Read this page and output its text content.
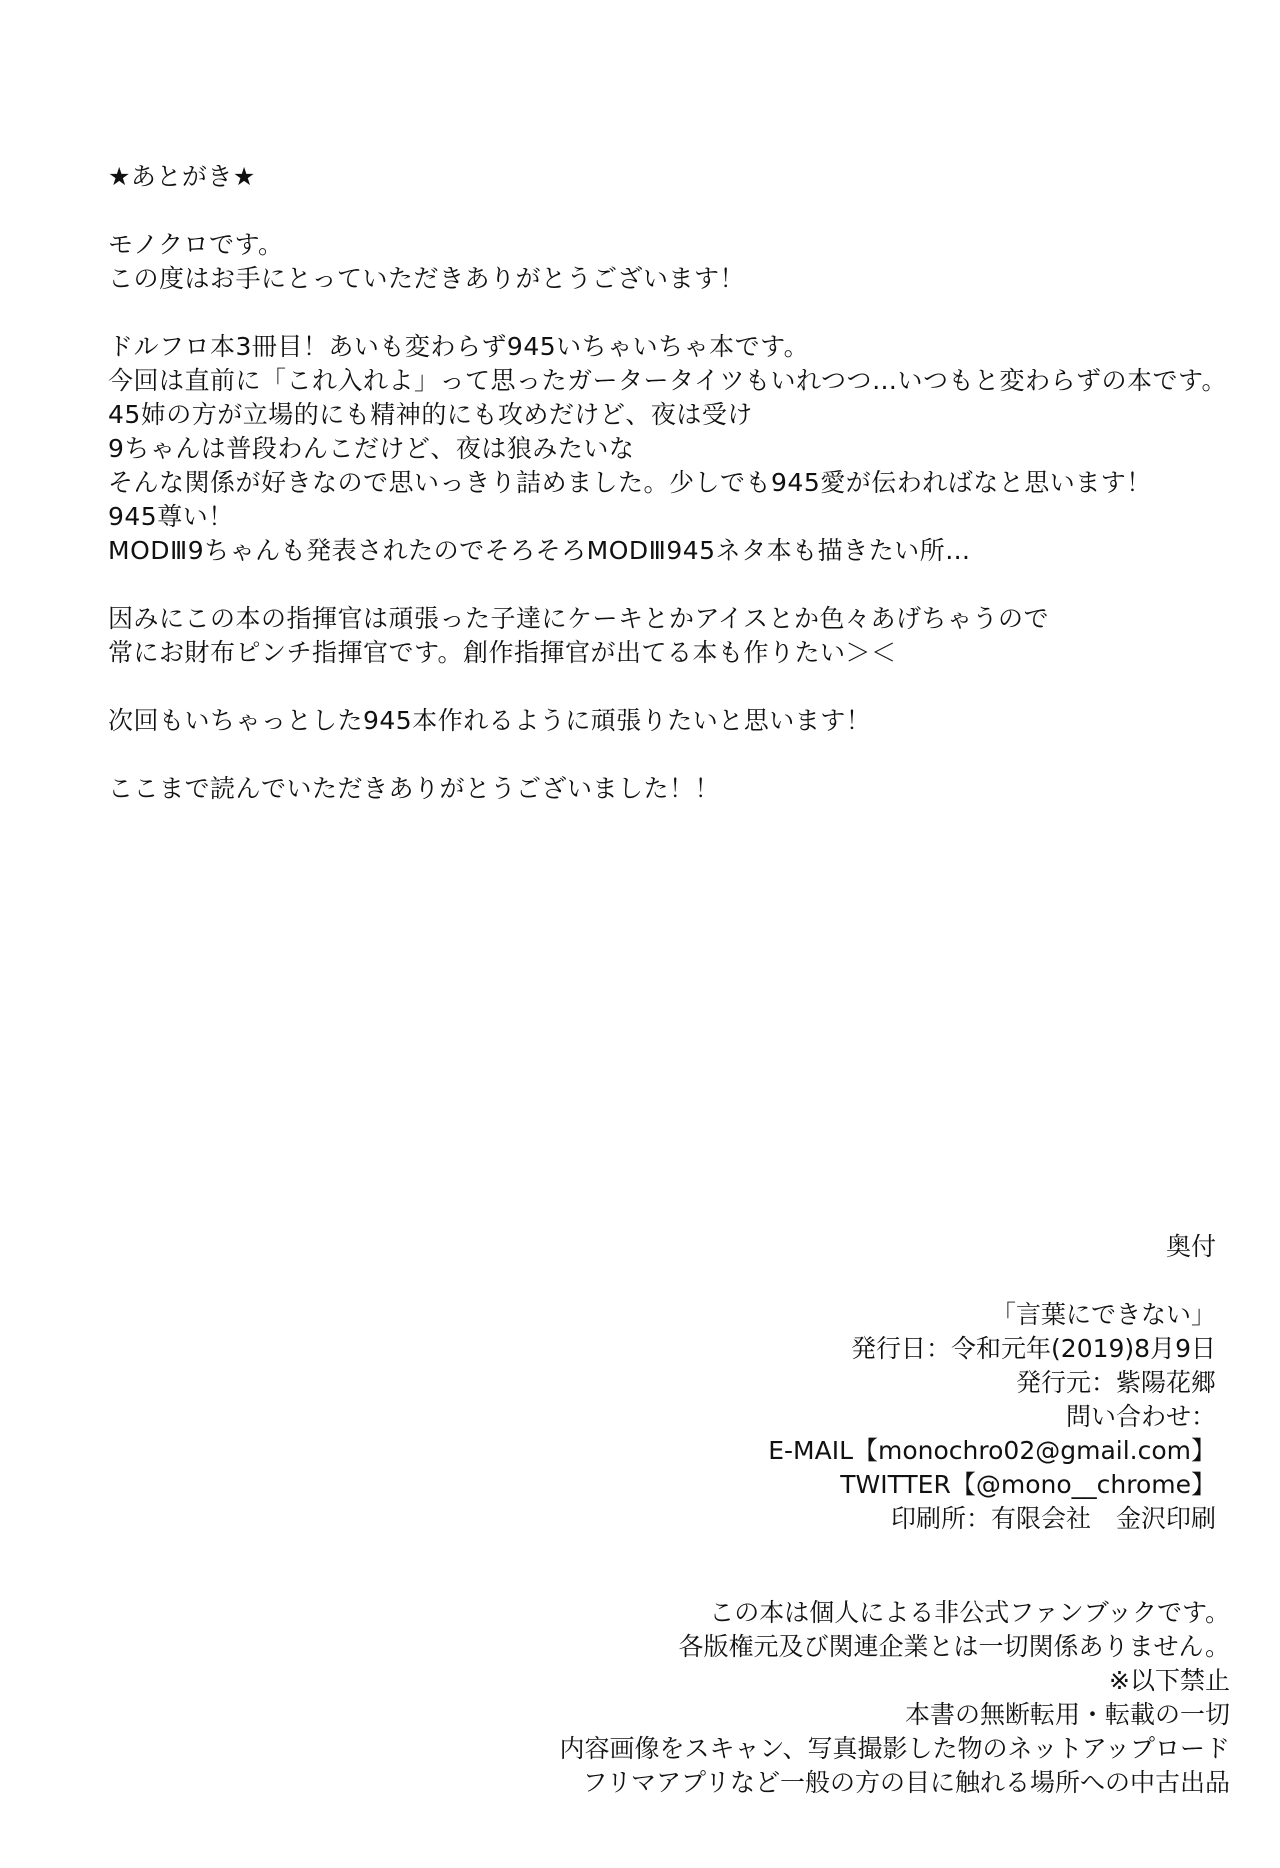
★あとがき★

モノクロです。

この度はお手にとっていただきありがとうございます！

ドルフロ本3冊目！あいも変わらず945いちゃいちゃ本です。

今回は直前に「これ入れよ」って思ったガータータイツもいれつつ…いつもと変わらずの本です。

45姉の方が立場的にも精神的にも攻めだけど、夜は受け

9ちゃんは普段わんこだけど、夜は狼みたいな

そんな関係が好きなので思いっきり詰めました。少しでも945愛が伝わればなと思います！

945尊い！

MODⅢ9ちゃんも発表されたのでそろそろMODⅢ945ネタ本も描きたい所…

因みにこの本の指揮官は頑張った子達にケーキとかアイスとか色々あげちゃうので

常にお財布ピンチ指揮官です。創作指揮官が出てる本も作りたい＞＜

次回もいちゃっとした945本作れるように頑張りたいと思います！

ここまで読んでいただきありがとうございました！！

奥付

「言葉にできない」

発行日：令和元年(2019)8月9日

発行元：紫陽花郷

問い合わせ：

E-MAIL【monochro02@gmail.com】

TWITTER【@mono__chrome】

印刷所：有限会社　金沢印刷

この本は個人による非公式ファンブックです。

各版権元及び関連企業とは一切関係ありません。

※以下禁止

本書の無断転用・転載の一切

内容画像をスキャン、写真撮影した物のネットアップロード

フリマアプリなど一般の方の目に触れる場所への中古出品
